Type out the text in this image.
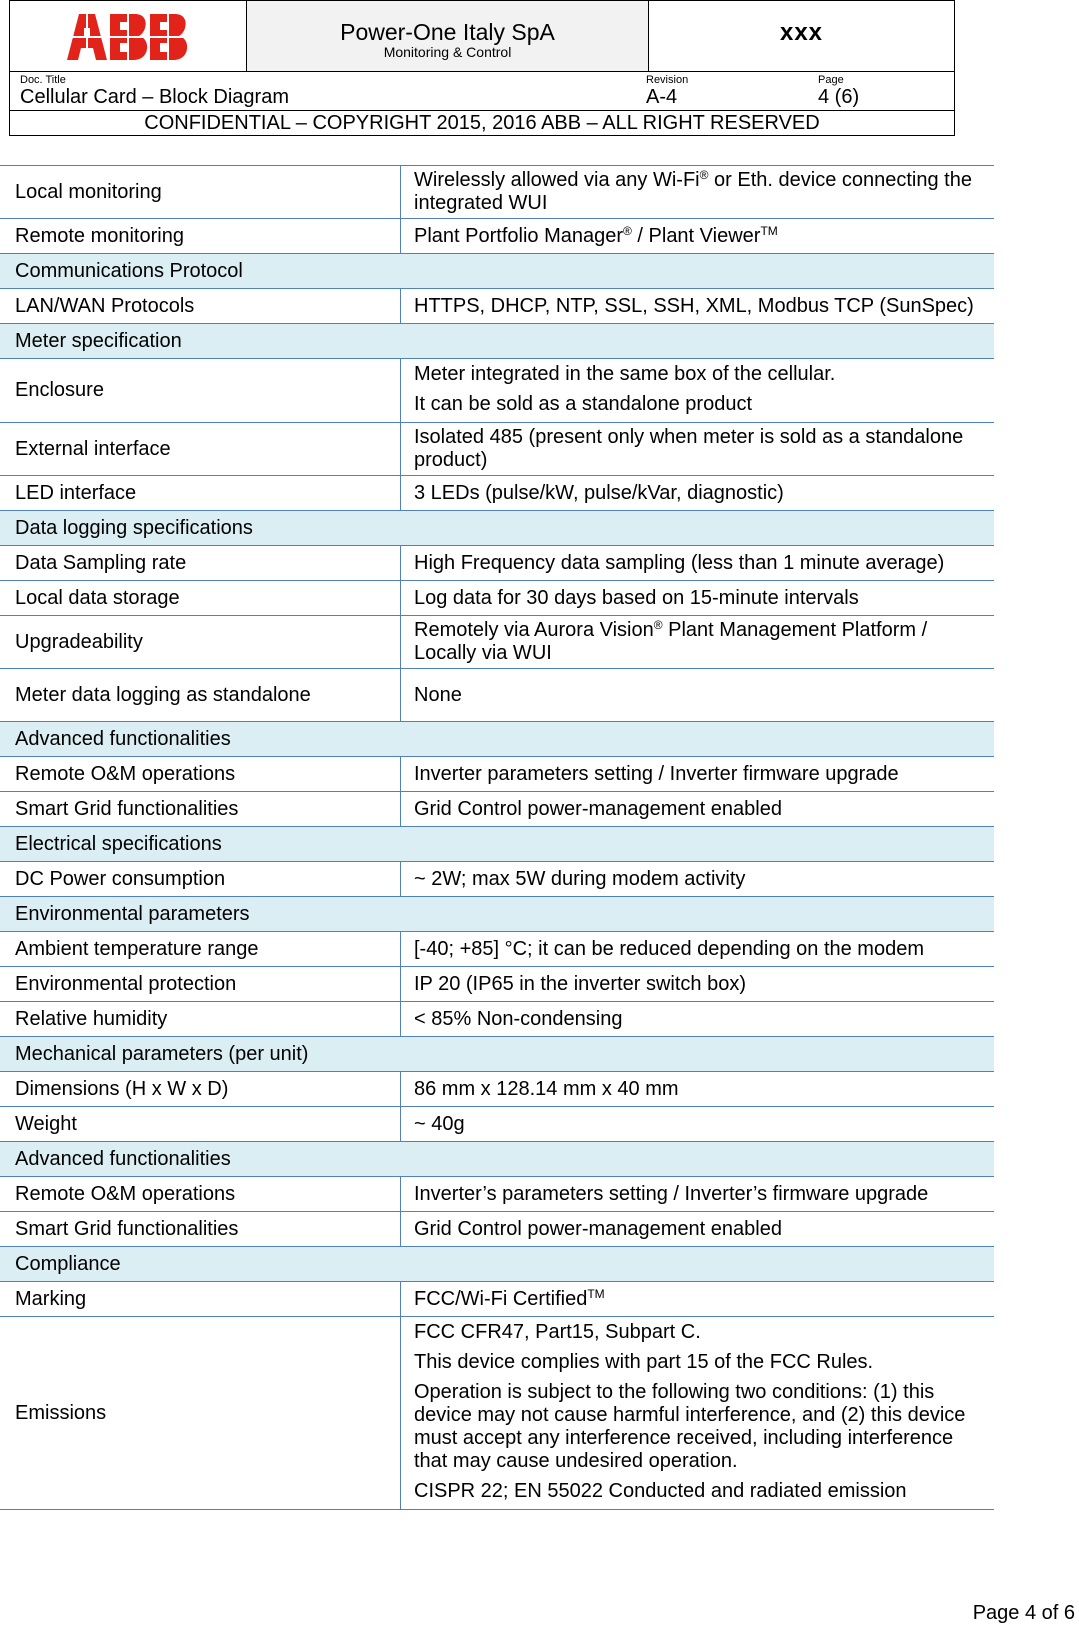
Power-One Italy SpA
Monitoring & Control
xxx
Doc. Title
Cellular Card – Block Diagram
Revision
A-4
Page
4 (6)
CONFIDENTIAL – COPYRIGHT 2015, 2016 ABB – ALL RIGHT RESERVED
Local monitoring	Wirelessly allowed via any Wi-Fi® or Eth. device connecting the integrated WUI
Remote monitoring	Plant Portfolio Manager® / Plant Viewer™
Communications Protocol	
LAN/WAN Protocols	HTTPS, DHCP, NTP, SSL, SSH, XML, Modbus TCP (SunSpec)
Meter specification	
Enclosure	Meter integrated in the same box of the cellular.

It can be sold as a standalone product

External interface	Isolated 485 (present only when meter is sold as a standalone product)
LED interface	3 LEDs (pulse/kW, pulse/kVar, diagnostic)
Data logging specifications	
Data Sampling rate	High Frequency data sampling (less than 1 minute average)
Local data storage	Log data for 30 days based on 15-minute intervals
Upgradeability	Remotely via Aurora Vision® Plant Management Platform / Locally via WUI
Meter data logging as standalone	None
Advanced functionalities	
Remote O&M operations	Inverter parameters setting / Inverter firmware upgrade
Smart Grid functionalities	Grid Control power-management enabled
Electrical specifications	
DC Power consumption	~ 2W; max 5W during modem activity
Environmental parameters	
Ambient temperature range	[-40; +85] °C; it can be reduced depending on the modem
Environmental protection	IP 20 (IP65 in the inverter switch box)
Relative humidity	< 85% Non-condensing
Mechanical parameters (per unit)	
Dimensions (H x W x D)	86 mm x 128.14 mm x 40 mm
Weight	~ 40g
Advanced functionalities	
Remote O&M operations	Inverter’s parameters setting / Inverter’s firmware upgrade
Smart Grid functionalities	Grid Control power-management enabled
Compliance	
Marking	FCC/Wi-Fi Certified™
Emissions	FCC CFR47, Part15, Subpart C.

This device complies with part 15 of the FCC Rules.

Operation is subject to the following two conditions: (1) this device may not cause harmful interference, and (2) this device must accept any interference received, including interference that may cause undesired operation.

CISPR 22; EN 55022 Conducted and radiated emission

Page 4 of 6
